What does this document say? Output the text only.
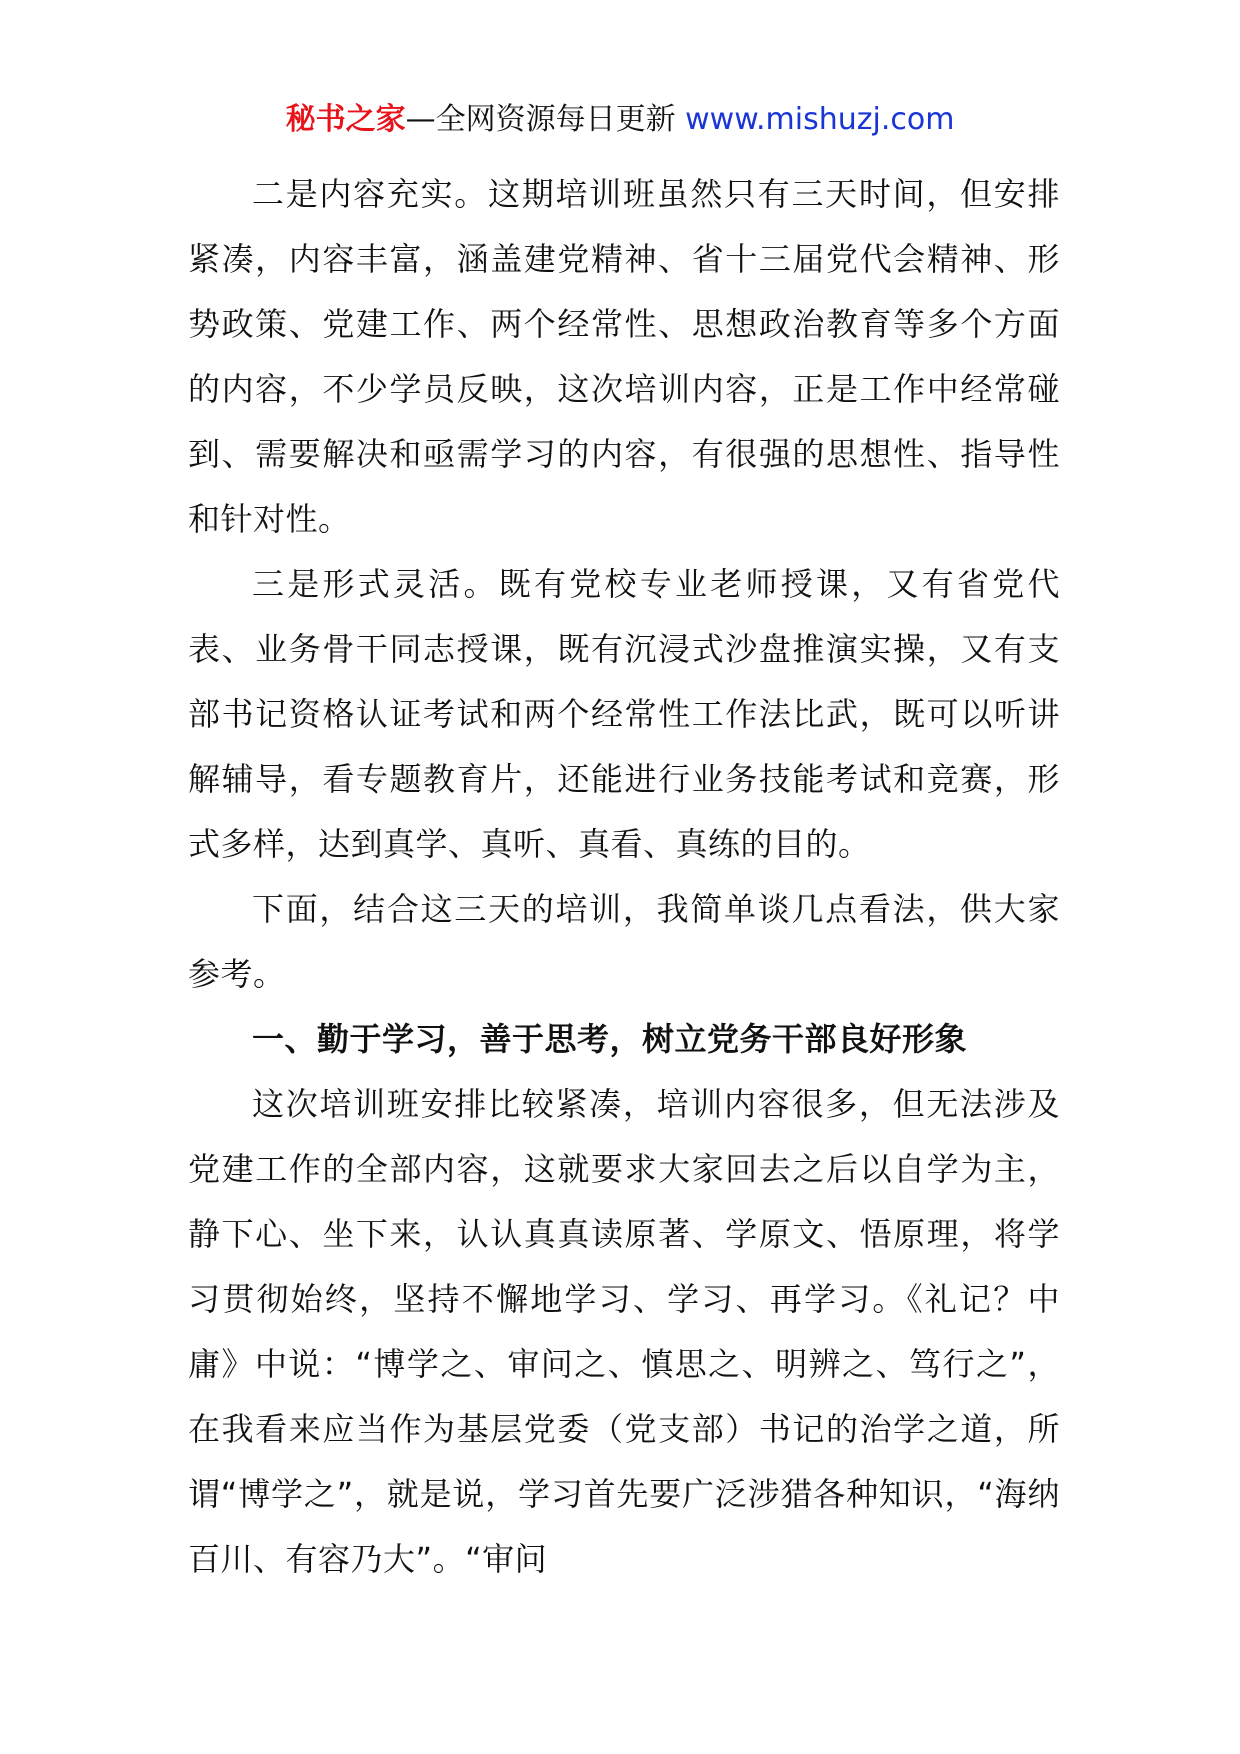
秘书之家—全网资源每日更新 www.mishuzj.com

二是内容充实。这期培训班虽然只有三天时间，但安排紧凑，内容丰富，涵盖建党精神、省十三届党代会精神、形势政策、党建工作、两个经常性、思想政治教育等多个方面的内容，不少学员反映，这次培训内容，正是工作中经常碰到、需要解决和亟需学习的内容，有很强的思想性、指导性和针对性。

三是形式灵活。既有党校专业老师授课，又有省党代表、业务骨干同志授课，既有沉浸式沙盘推演实操，又有支部书记资格认证考试和两个经常性工作法比武，既可以听讲解辅导，看专题教育片，还能进行业务技能考试和竞赛，形式多样，达到真学、真听、真看、真练的目的。

下面，结合这三天的培训，我简单谈几点看法，供大家参考。

一、勤于学习，善于思考，树立党务干部良好形象

这次培训班安排比较紧凑，培训内容很多，但无法涉及党建工作的全部内容，这就要求大家回去之后以自学为主，静下心、坐下来，认认真真读原著、学原文、悟原理，将学习贯彻始终，坚持不懈地学习、学习、再学习。《礼记？中庸》中说：“博学之、审问之、慎思之、明辨之、笃行之”，在我看来应当作为基层党委（党支部）书记的治学之道，所谓“博学之”，就是说，学习首先要广泛涉猎各种知识，“海纳百川、有容乃大”。“审问
